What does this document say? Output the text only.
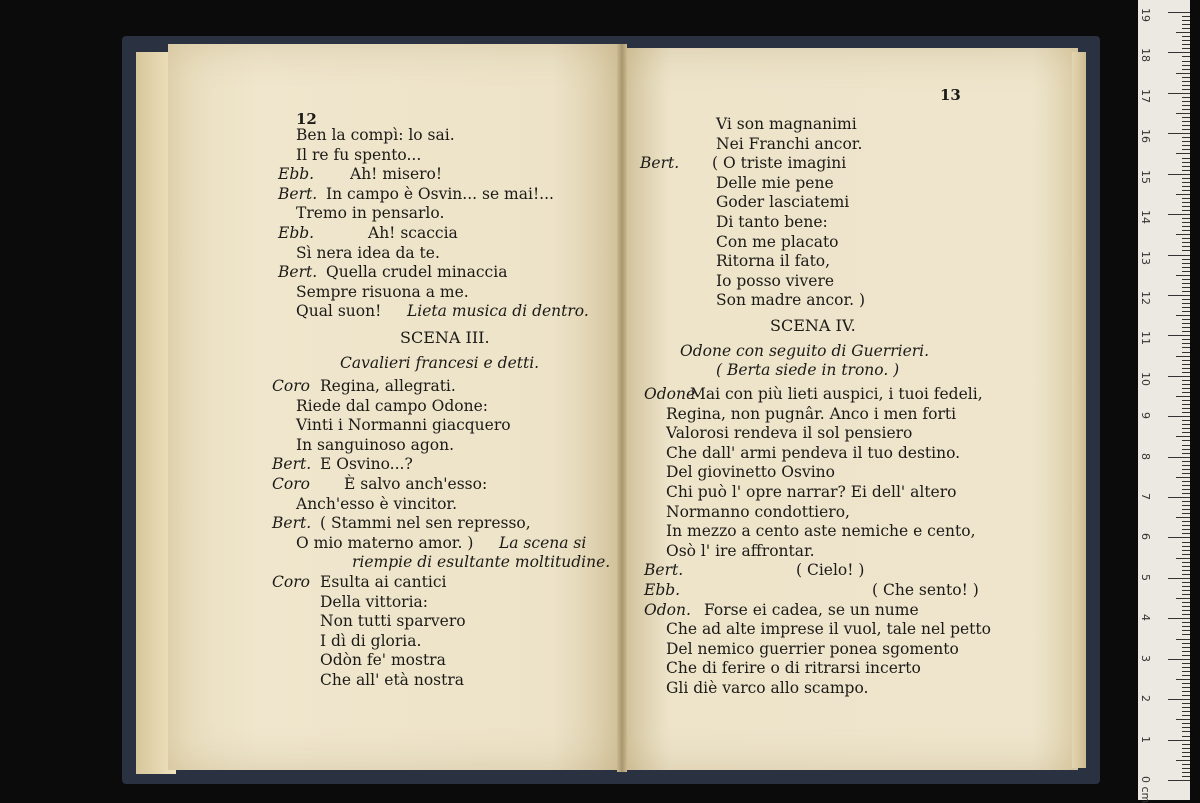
12
Ben la compì: lo sai.
Il re fu spento...
Ebb. Ah! misero!
Bert. In campo è Osvin... se mai!...
Tremo in pensarlo.
Ebb.	Ah! scaccia
Sì nera idea da te.
Bert. Quella crudel minaccia
Sempre risuona a me.
Qual suon! Lieta musica di dentro.
SCENA III.
Cavalieri francesi e detti.
Coro Regina, allegrati.
Riede dal campo Odone:
Vinti i Normanni giacquero
In sanguinoso agon.
Bert. E Osvino...?
Coro È salvo anch'esso:
Anch'esso è vincitor.
Bert. ( Stammi nel sen represso,
O mio materno amor. ) La scena si
riempie di esultante moltitudine.
Coro Esulta ai cantici
Della vittoria:
Non tutti sparvero
I dì di gloria.
Odòn fe' mostra
Che all' età nostra
13
Vi son magnanimi
Nei Franchi ancor.
Bert. ( O triste imagini
Delle mie pene
Goder lasciatemi
Di tanto bene:
Con me placato
Ritorna il fato,
Io posso vivere
Son madre ancor. )
SCENA IV.
Odone con seguito di Guerrieri.
( Berta siede in trono. )
Odone
Mai con più lieti auspici, i tuoi fedeli,
Regina, non pugnâr. Anco i men forti
Valorosi rendeva il sol pensiero
Che dall' armi pendeva il tuo destino.
Del giovinetto Osvino
Chi può l' opre narrar? Ei dell' altero
Normanno condottiero,
In mezzo a cento aste nemiche e cento,
Osò l' ire affrontar.
Bert.	( Cielo! )
Ebb.	( Che sento! )
Odon. Forse ei cadea, se un nume
Che ad alte imprese il vuol, tale nel petto
Del nemico guerrier ponea sgomento
Che di ferire o di ritrarsi incerto
Gli diè varco allo scampo.
19
18
17
16
15
14
13
12
11
10
9
8
7
6
5
4
3
2
1
0 cm
